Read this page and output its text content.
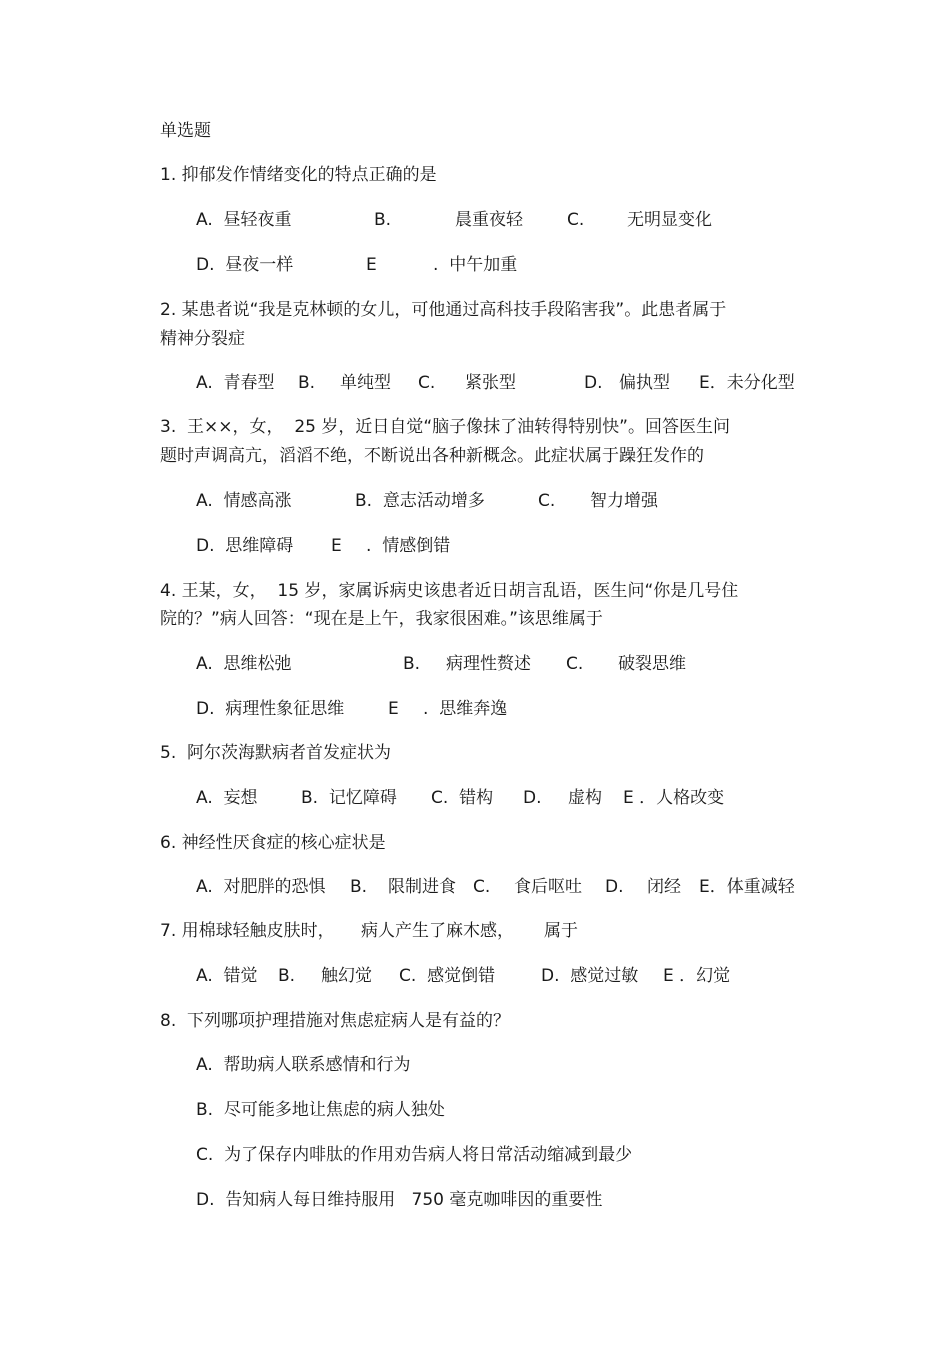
单选题
1. 抑郁发作情绪变化的特点正确的是
A.  昼轻夜重	B.	晨重夜轻	C.	无明显变化
D.  昼夜一样	E	.  中午加重
2. 某患者说“我是克林顿的女儿，可他通过高科技手段陷害我”。此患者属于
精神分裂症
A.  青春型 B. 单纯型 C. 紧张型	D. 偏执型 E．未分化型
3.  王××，女，  25 岁，近日自觉“脑子像抹了油转得特别快”。回答医生问
题时声调高亢，滔滔不绝，不断说出各种新概念。此症状属于躁狂发作的
A.  情感高涨	B.  意志活动增多	C. 智力增强
D.  思维障碍 E .  情感倒错
4. 王某，女，  15 岁，家属诉病史该患者近日胡言乱语，医生问“你是几号住
院的？”病人回答：“现在是上午，我家很困难。”该思维属于
A.  思维松弛	B. 病理性赘述 C. 破裂思维
D.  病理性象征思维	E .  思维奔逸
5.  阿尔茨海默病者首发症状为
A.  妄想	B.  记忆障碍 C.  错构 D. 虚构 E ．人格改变
6. 神经性厌食症的核心症状是
A.  对肥胖的恐惧 B. 限制进食 C. 食后呕吐 D. 闭经 E．体重减轻
7. 用棉球轻触皮肤时， 病人产生了麻木感， 属于
A.  错觉 B. 触幻觉 C.  感觉倒错	D.  感觉过敏 E ．幻觉
8.  下列哪项护理措施对焦虑症病人是有益的？
A.  帮助病人联系感情和行为
B.  尽可能多地让焦虑的病人独处
C.  为了保存内啡肽的作用劝告病人将日常活动缩减到最少
D.  告知病人每日维持服用   750 毫克咖啡因的重要性
